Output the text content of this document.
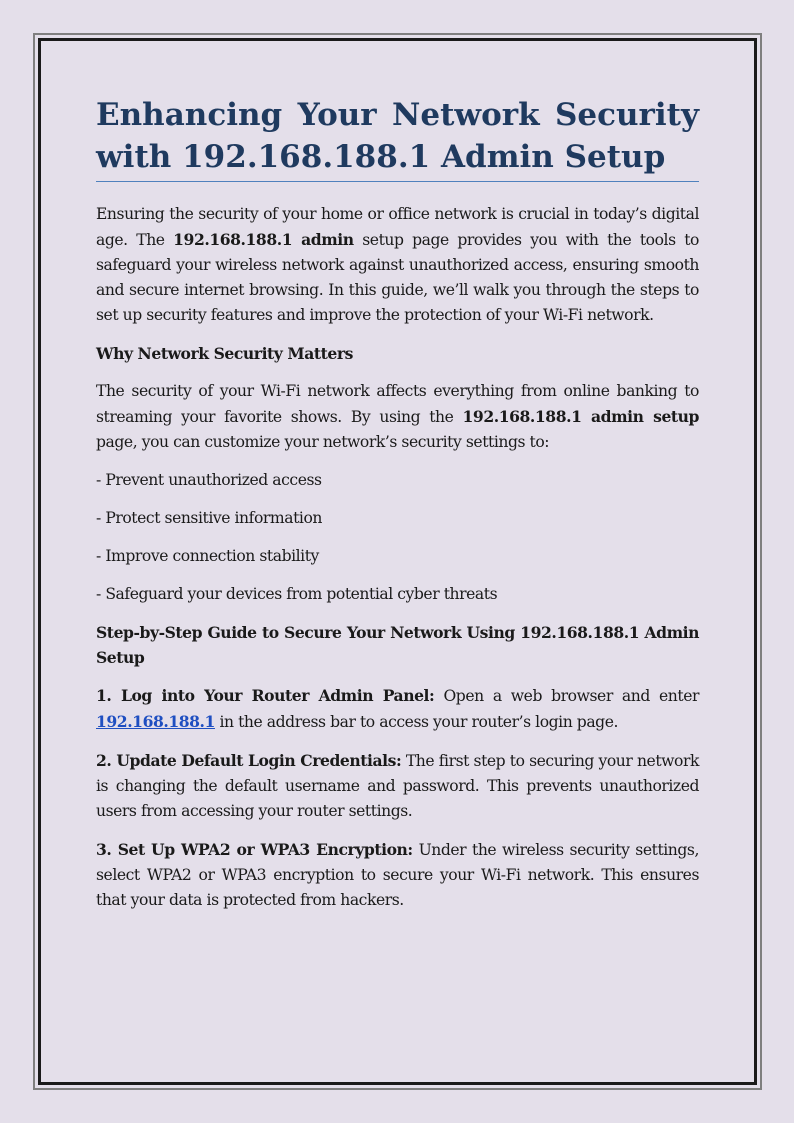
Enhancing Your Network Security
with 192.168.188.1 Admin Setup

Ensuring the security of your home or office network is crucial in today’s digital age. The 192.168.188.1 admin setup page provides you with the tools to safeguard your wireless network against unauthorized access, ensuring smooth and secure internet browsing. In this guide, we’ll walk you through the steps to set up security features and improve the protection of your Wi-Fi network.

Why Network Security Matters

The security of your Wi-Fi network affects everything from online banking to streaming your favorite shows. By using the 192.168.188.1 admin setup page, you can customize your network’s security settings to:

- Prevent unauthorized access

- Protect sensitive information

- Improve connection stability

- Safeguard your devices from potential cyber threats

Step-by-Step Guide to Secure Your Network Using 192.168.188.1 Admin Setup

1. Log into Your Router Admin Panel: Open a web browser and enter 192.168.188.1 in the address bar to access your router’s login page.

2. Update Default Login Credentials: The first step to securing your network is changing the default username and password. This prevents unauthorized users from accessing your router settings.

3. Set Up WPA2 or WPA3 Encryption: Under the wireless security settings, select WPA2 or WPA3 encryption to secure your Wi-Fi network. This ensures that your data is protected from hackers.
